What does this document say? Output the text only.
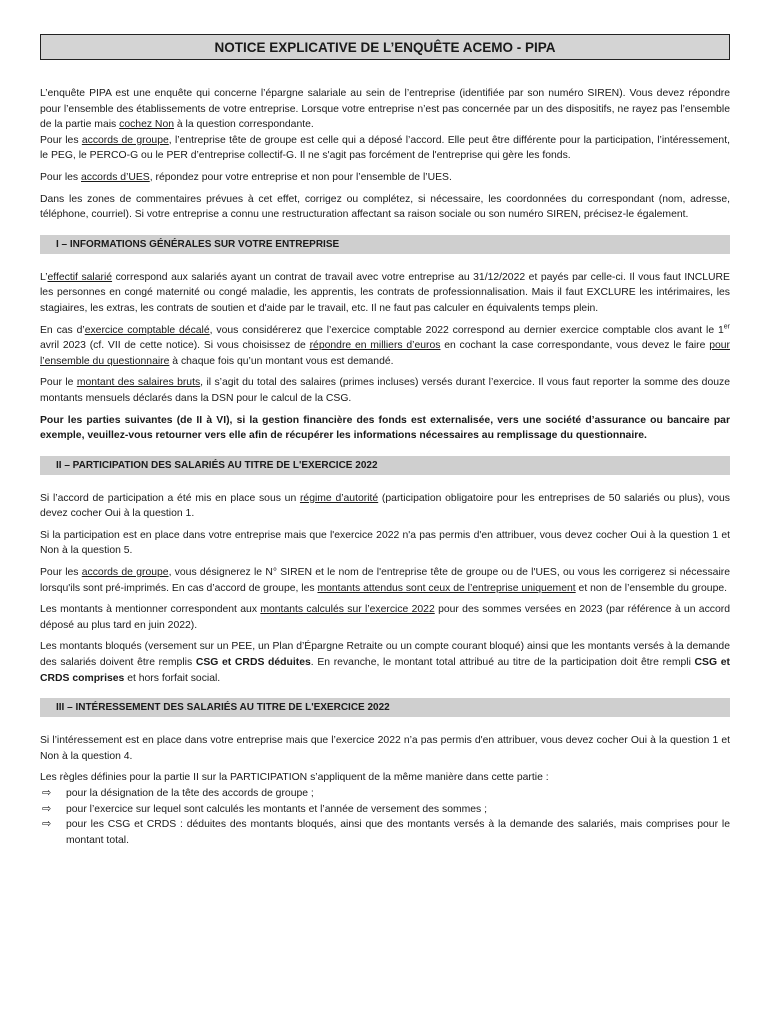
NOTICE EXPLICATIVE DE L’ENQUÊTE ACEMO - PIPA

L’enquête PIPA est une enquête qui concerne l’épargne salariale au sein de l’entreprise (identifiée par son numéro SIREN). Vous devez répondre pour l’ensemble des établissements de votre entreprise. Lorsque votre entreprise n’est pas concernée par un des dispositifs, ne rayez pas l’ensemble de la partie mais cochez Non à la question correspondante.

Pour les accords de groupe, l’entreprise tête de groupe est celle qui a déposé l’accord. Elle peut être différente pour la participation, l’intéressement, le PEG, le PERCO-G ou le PER d’entreprise collectif-G. Il ne s'agit pas forcément de l'entreprise qui gère les fonds.

Pour les accords d’UES, répondez pour votre entreprise et non pour l’ensemble de l’UES.

Dans les zones de commentaires prévues à cet effet, corrigez ou complétez, si nécessaire, les coordonnées du correspondant (nom, adresse, téléphone, courriel). Si votre entreprise a connu une restructuration affectant sa raison sociale ou son numéro SIREN, précisez-le également.

I – INFORMATIONS GÉNÉRALES SUR VOTRE ENTREPRISE

L’effectif salarié correspond aux salariés ayant un contrat de travail avec votre entreprise au 31/12/2022 et payés par celle-ci. Il vous faut INCLURE les personnes en congé maternité ou congé maladie, les apprentis, les contrats de professionnalisation. Mais il faut EXCLURE les intérimaires, les stagiaires, les extras, les contrats de soutien et d'aide par le travail, etc. Il ne faut pas calculer en équivalents temps plein.

En cas d’exercice comptable décalé, vous considérerez que l’exercice comptable 2022 correspond au dernier exercice comptable clos avant le 1er avril 2023 (cf. VII de cette notice). Si vous choisissez de répondre en milliers d’euros en cochant la case correspondante, vous devez le faire pour l’ensemble du questionnaire à chaque fois qu’un montant vous est demandé.

Pour le montant des salaires bruts, il s’agit du total des salaires (primes incluses) versés durant l’exercice. Il vous faut reporter la somme des douze montants mensuels déclarés dans la DSN pour le calcul de la CSG.

Pour les parties suivantes (de II à VI), si la gestion financière des fonds est externalisée, vers une société d’assurance ou bancaire par exemple, veuillez-vous retourner vers elle afin de récupérer les informations nécessaires au remplissage du questionnaire.

II – PARTICIPATION DES SALARIÉS AU TITRE DE L'EXERCICE 2022

Si l’accord de participation a été mis en place sous un régime d’autorité (participation obligatoire pour les entreprises de 50 salariés ou plus), vous devez cocher Oui à la question 1.

Si la participation est en place dans votre entreprise mais que l'exercice 2022 n'a pas permis d'en attribuer, vous devez cocher Oui à la question 1 et Non à la question 5.

Pour les accords de groupe, vous désignerez le N° SIREN et le nom de l'entreprise tête de groupe ou de l'UES, ou vous les corrigerez si nécessaire lorsqu'ils sont pré-imprimés. En cas d’accord de groupe, les montants attendus sont ceux de l’entreprise uniquement et non de l’ensemble du groupe.

Les montants à mentionner correspondent aux montants calculés sur l’exercice 2022 pour des sommes versées en 2023 (par référence à un accord déposé au plus tard en juin 2022).

Les montants bloqués (versement sur un PEE, un Plan d’Épargne Retraite ou un compte courant bloqué) ainsi que les montants versés à la demande des salariés doivent être remplis CSG et CRDS déduites. En revanche, le montant total attribué au titre de la participation doit être rempli CSG et CRDS comprises et hors forfait social.

III – INTÉRESSEMENT DES SALARIÉS AU TITRE DE L'EXERCICE 2022

Si l’intéressement est en place dans votre entreprise mais que l’exercice 2022 n’a pas permis d'en attribuer, vous devez cocher Oui à la question 1 et Non à la question 4.

Les règles définies pour la partie II sur la PARTICIPATION s’appliquent de la même manière dans cette partie :

⇨ pour la désignation de la tête des accords de groupe ;
⇨ pour l’exercice sur lequel sont calculés les montants et l’année de versement des sommes ;
⇨ pour les CSG et CRDS : déduites des montants bloqués, ainsi que des montants versés à la demande des salariés, mais comprises pour le montant total.
